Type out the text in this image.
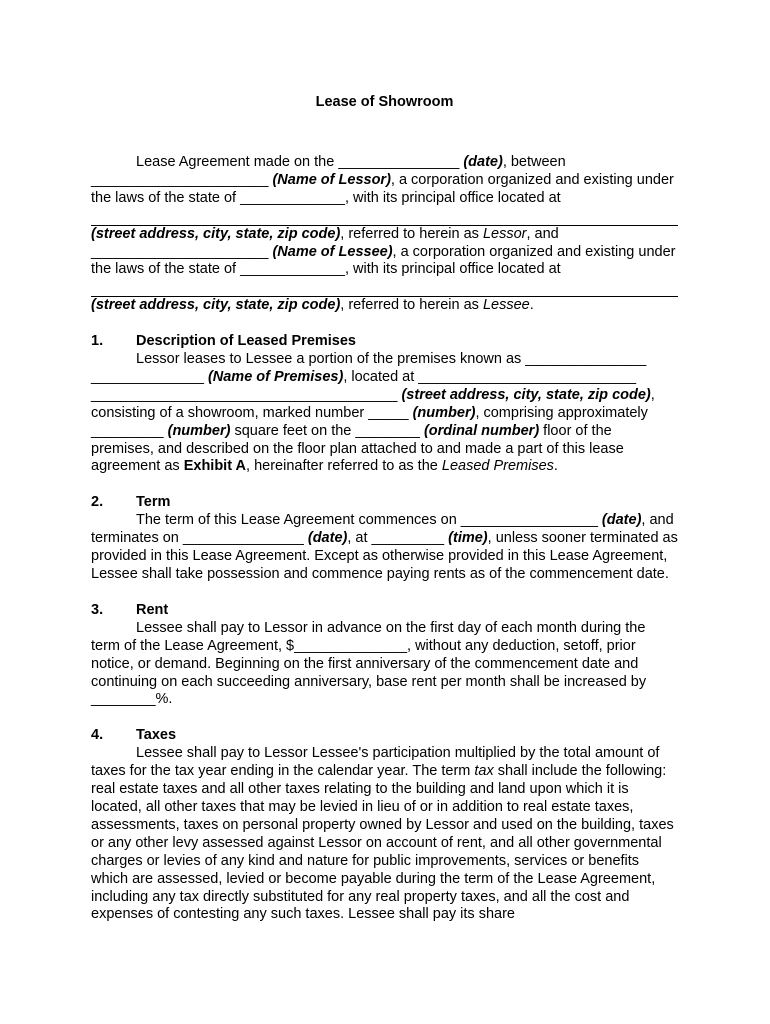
Lease of Showroom

Lease Agreement made on the _______________ (date), between ______________________ (Name of Lessor), a corporation organized and existing under the laws of the state of _____________, with its principal office located at

(street address, city, state, zip code), referred to herein as Lessor, and ______________________ (Name of Lessee), a corporation organized and existing under the laws of the state of _____________, with its principal office located at

(street address, city, state, zip code), referred to herein as Lessee.

1. Description of Leased Premises

Lessor leases to Lessee a portion of the premises known as _______________ ______________ (Name of Premises), located at ___________________________ ______________________________________ (street address, city, state, zip code), consisting of a showroom, marked number _____ (number), comprising approximately _________ (number) square feet on the ________ (ordinal number) floor of the premises, and described on the floor plan attached to and made a part of this lease agreement as Exhibit A, hereinafter referred to as the Leased Premises.

2. Term

The term of this Lease Agreement commences on _________________ (date), and terminates on _______________ (date), at _________ (time), unless sooner terminated as provided in this Lease Agreement. Except as otherwise provided in this Lease Agreement, Lessee shall take possession and commence paying rents as of the commencement date.

3. Rent

Lessee shall pay to Lessor in advance on the first day of each month during the term of the Lease Agreement, $______________, without any deduction, setoff, prior notice, or demand. Beginning on the first anniversary of the commencement date and continuing on each succeeding anniversary, base rent per month shall be increased by ________%.

4. Taxes

Lessee shall pay to Lessor Lessee's participation multiplied by the total amount of taxes for the tax year ending in the calendar year. The term tax shall include the following: real estate taxes and all other taxes relating to the building and land upon which it is located, all other taxes that may be levied in lieu of or in addition to real estate taxes, assessments, taxes on personal property owned by Lessor and used on the building, taxes or any other levy assessed against Lessor on account of rent, and all other governmental charges or levies of any kind and nature for public improvements, services or benefits which are assessed, levied or become payable during the term of the Lease Agreement, including any tax directly substituted for any real property taxes, and all the cost and expenses of contesting any such taxes. Lessee shall pay its share
